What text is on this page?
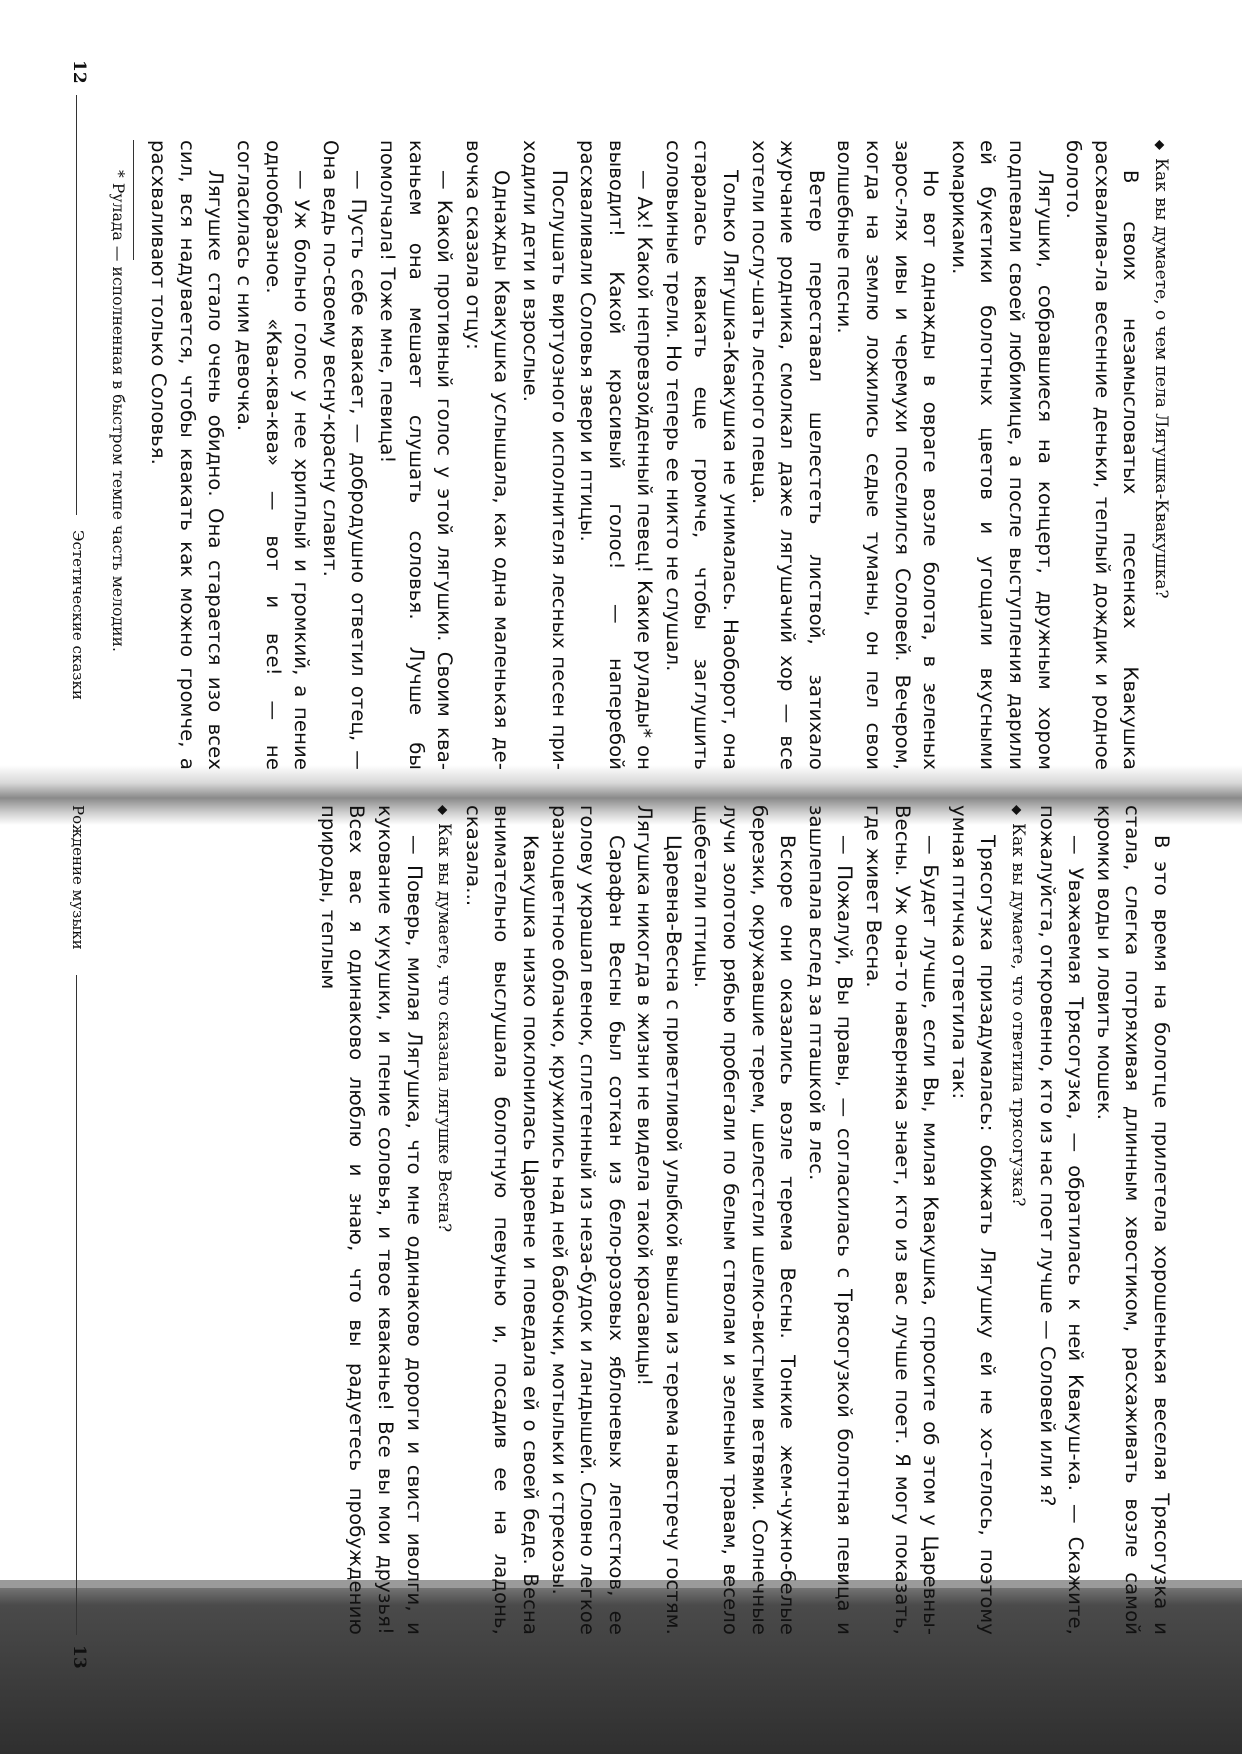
◆Как вы думаете, о чем пела Лягушка-Квакушка?

В своих незамысловатых песенках Квакушка расхвалива-ла весенние деньки, теплый дождик и родное болото.

Лягушки, собравшиеся на концерт, дружным хором подпевали своей любимице, а после выступления дарили ей букетики болотных цветов и угощали вкусными комариками.

Но вот однажды в овраге возле болота, в зеленых зарос-лях ивы и черемухи поселился Соловей. Вечером, когда на землю ложились седые туманы, он пел свои волшебные песни.

Ветер переставал шелестеть листвой, затихало журчание родника, смолкал даже лягушачий хор — все хотели послу-шать лесного певца.

Только Лягушка-Квакушка не унималась. Наоборот, она старалась квакать еще громче, чтобы заглушить соловьиные трели. Но теперь ее никто не слушал.

— Ах! Какой непревзойденный певец! Какие рулады* он выводит! Какой красивый голос! — наперебой расхваливали Соловья звери и птицы.

Послушать виртуозного исполнителя лесных песен при-ходили дети и взрослые.

Однажды Квакушка услышала, как одна маленькая де-вочка сказала отцу:

— Какой противный голос у этой лягушки. Своим ква-каньем она мешает слушать соловья. Лучше бы помолчала! Тоже мне, певица!

— Пусть себе квакает, — добродушно ответил отец, — Она ведь по-своему весну-красну славит.

— Уж больно голос у нее хриплый и громкий, а пение однообразное. «Ква-ква-ква» — вот и все! — не согласилась с ним девочка.

Лягушке стало очень обидно. Она старается изо всех сил, вся надувается, чтобы квакать как можно громче, а расхваливают только Соловья.

* Рулада — исполненная в быстром темпе часть мелодии.

12
Эстетические сказки

В это время на болотце прилетела хорошенькая веселая Трясогузка и стала, слегка потряхивая длинным хвостиком, расхаживать возле самой кромки воды и ловить мошек.

— Уважаемая Трясогузка, — обратилась к ней Квакуш-ка. — Скажите, пожалуйста, откровенно, кто из нас поет лучше — Соловей или я?

◆Как вы думаете, что ответила трясогузка?

Трясогузка призадумалась: обижать Лягушку ей не хо-телось, поэтому умная птичка ответила так:

— Будет лучше, если Вы, милая Квакушка, спросите об этом у Царевны-Весны. Уж она-то наверняка знает, кто из вас лучше поет. Я могу показать, где живет Весна.

— Пожалуй, Вы правы, — согласилась с Трясогузкой болотная певица и зашлепала вслед за пташкой в лес.

Вскоре они оказались возле терема Весны. Тонкие жем-чужно-белые березки, окружавшие терем, шелестели шелко-вистыми ветвями. Солнечные лучи золотою рябью пробегали по белым стволам и зеленым травам, весело щебетали птицы.

Царевна-Весна с приветливой улыбкой вышла из терема навстречу гостям. Лягушка никогда в жизни не видела такой красавицы!

Сарафан Весны был соткан из бело-розовых яблоневых лепестков, ее голову украшал венок, сплетенный из неза-будок и ландышей. Словно легкое разноцветное облачко, кружились над ней бабочки, мотыльки и стрекозы.

Квакушка низко поклонилась Царевне и поведала ей о своей беде. Весна внимательно выслушала болотную певунью и, посадив ее на ладонь, сказала...

◆Как вы думаете, что сказала лягушке Весна?

— Поверь, милая Лягушка, что мне одинаково дороги и свист иволги, и кукование кукушки, и пение соловья, и твое кваканье! Все вы мои друзья! Всех вас я одинаково люблю и знаю, что вы радуетесь пробуждению природы, теплым

Рождение музыки
13
